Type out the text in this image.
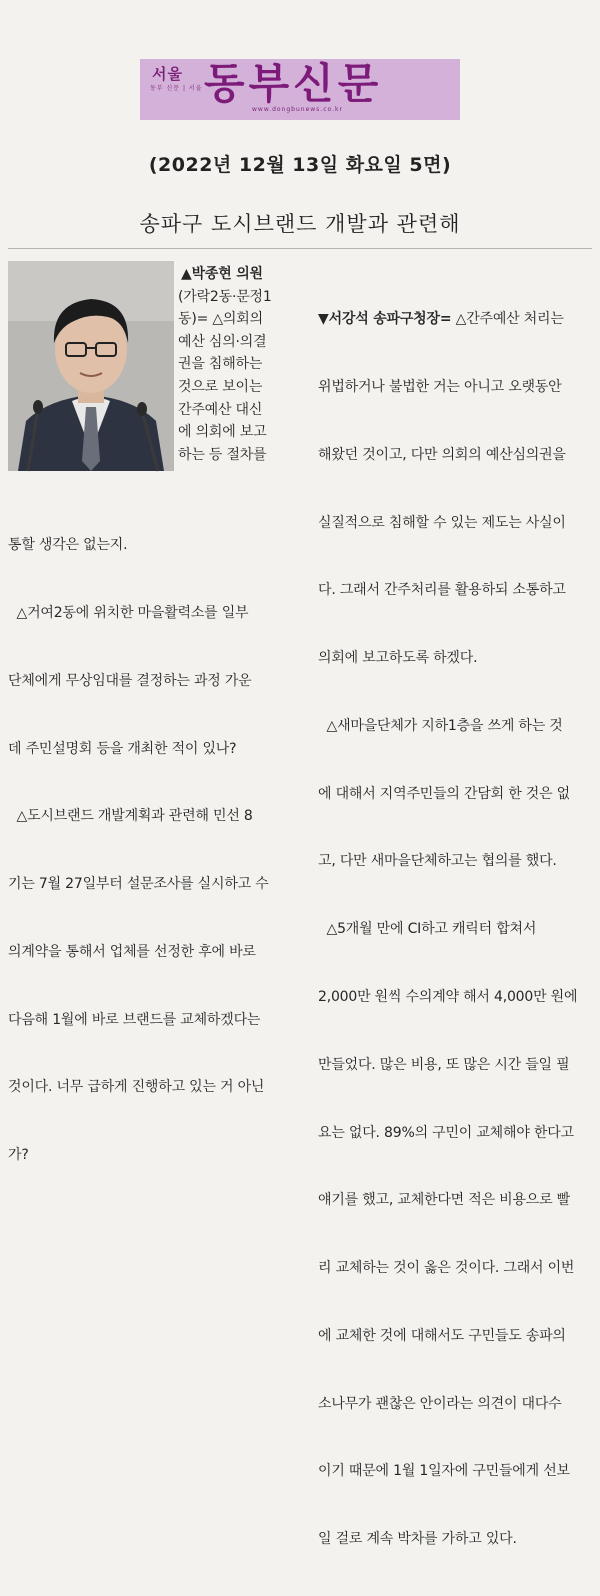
서울
동부 신문 | 서울 동부신문
www.dongbunews.co.kr
(2022년 12월 13일 화요일 5면)
송파구 도시브랜드 개발과 관련해
▲박종현 의원
(가락2동·문정1
동)= △의회의
예산 심의·의결
권을 침해하는
것으로 보이는
간주예산 대신
에 의회에 보고
하는 등 절차를

통할 생각은 없는지.

△거여2동에 위치한 마을활력소를 일부

단체에게 무상임대를 결정하는 과정 가운

데 주민설명회 등을 개최한 적이 있나?

△도시브랜드 개발계획과 관련해 민선 8

기는 7월 27일부터 설문조사를 실시하고 수

의계약을 통해서 업체를 선정한 후에 바로

다음해 1월에 바로 브랜드를 교체하겠다는

것이다. 너무 급하게 진행하고 있는 거 아닌

가?

▼서강석 송파구청장= △간주예산 처리는

위법하거나 불법한 거는 아니고 오랫동안

해왔던 것이고, 다만 의회의 예산심의권을

실질적으로 침해할 수 있는 제도는 사실이

다. 그래서 간주처리를 활용하되 소통하고

의회에 보고하도록 하겠다.

△새마을단체가 지하1층을 쓰게 하는 것

에 대해서 지역주민들의 간담회 한 것은 없

고, 다만 새마을단체하고는 협의를 했다.

△5개월 만에 CI하고 캐릭터 합쳐서

2,000만 원씩 수의계약 해서 4,000만 원에

만들었다. 많은 비용, 또 많은 시간 들일 필

요는 없다. 89%의 구민이 교체해야 한다고

얘기를 했고, 교체한다면 적은 비용으로 빨

리 교체하는 것이 옳은 것이다. 그래서 이번

에 교체한 것에 대해서도 구민들도 송파의

소나무가 괜찮은 안이라는 의견이 대다수

이기 때문에 1월 1일자에 구민들에게 선보

일 걸로 계속 박차를 가하고 있다.
